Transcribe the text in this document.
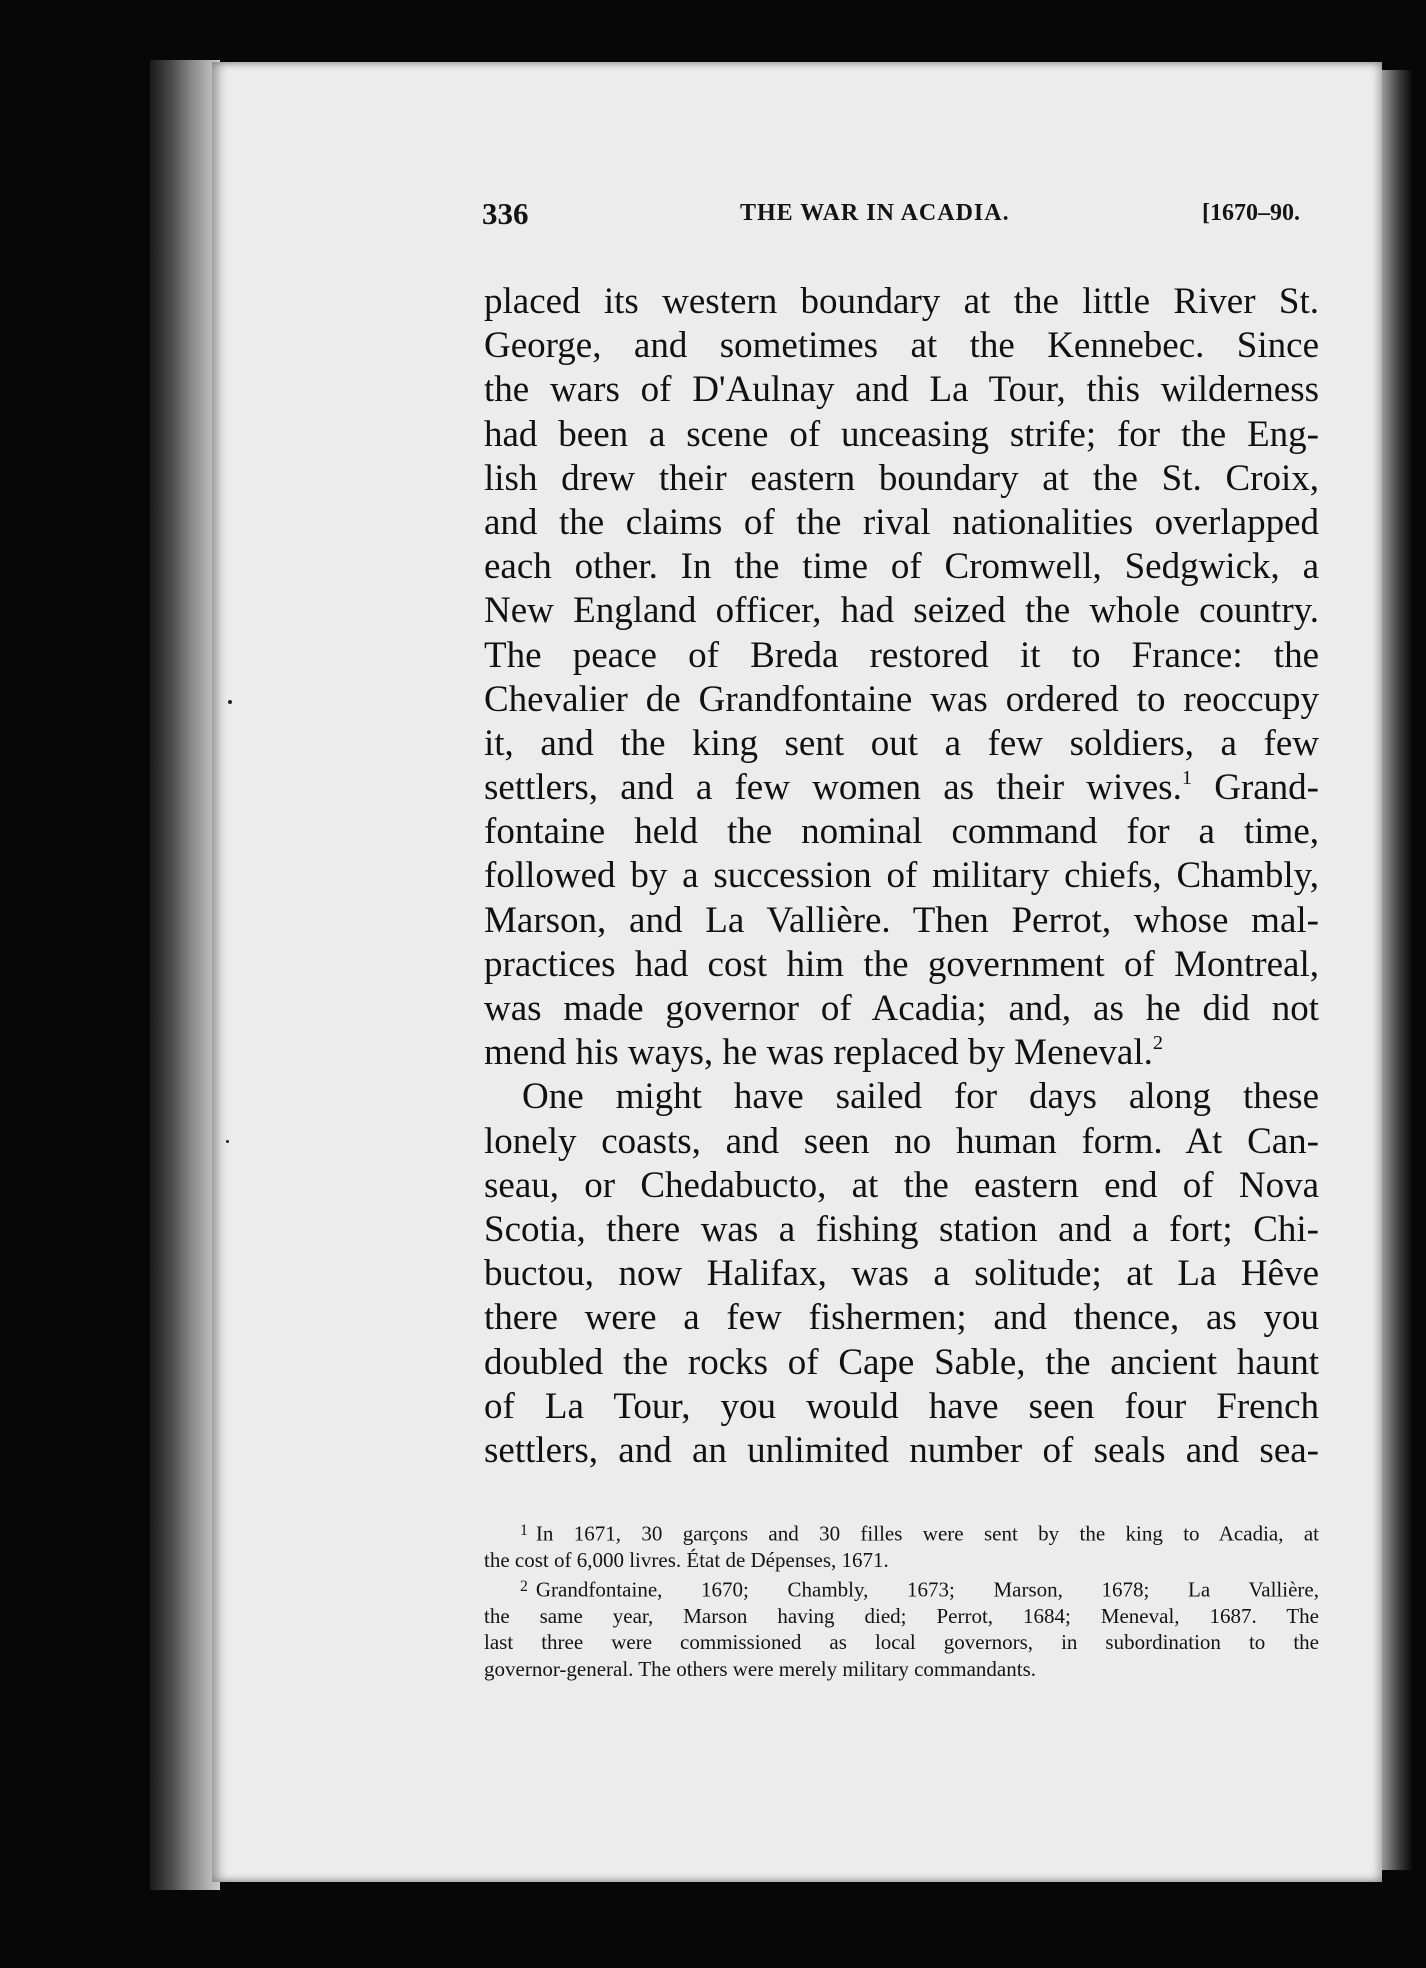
336	THE WAR IN ACADIA.	[1670–90.
placed its western boundary at the little River St.
George, and sometimes at the Kennebec. Since
the wars of D'Aulnay and La Tour, this wilderness
had been a scene of unceasing strife; for the Eng-
lish drew their eastern boundary at the St. Croix,
and the claims of the rival nationalities overlapped
each other. In the time of Cromwell, Sedgwick, a
New England officer, had seized the whole country.
The peace of Breda restored it to France: the
Chevalier de Grandfontaine was ordered to reoccupy
it, and the king sent out a few soldiers, a few
settlers, and a few women as their wives.$^1$ Grand-
fontaine held the nominal command for a time,
followed by a succession of military chiefs, Chambly,
Marson, and La Vallière. Then Perrot, whose mal-
practices had cost him the government of Montreal,
was made governor of Acadia; and, as he did not
mend his ways, he was replaced by Meneval.$^2$
One might have sailed for days along these
lonely coasts, and seen no human form. At Can-
seau, or Chedabucto, at the eastern end of Nova
Scotia, there was a fishing station and a fort; Chi-
buctou, now Halifax, was a solitude; at La Hêve
there were a few fishermen; and thence, as you
doubled the rocks of Cape Sable, the ancient haunt
of La Tour, you would have seen four French
settlers, and an unlimited number of seals and sea-
$^1$ In 1671, 30 garçons and 30 filles were sent by the king to Acadia, at
the cost of 6,000 livres. État de Dépenses, 1671.
$^2$ Grandfontaine, 1670; Chambly, 1673; Marson, 1678; La Vallière,
the same year, Marson having died; Perrot, 1684; Meneval, 1687. The
last three were commissioned as local governors, in subordination to the
governor-general. The others were merely military commandants.
